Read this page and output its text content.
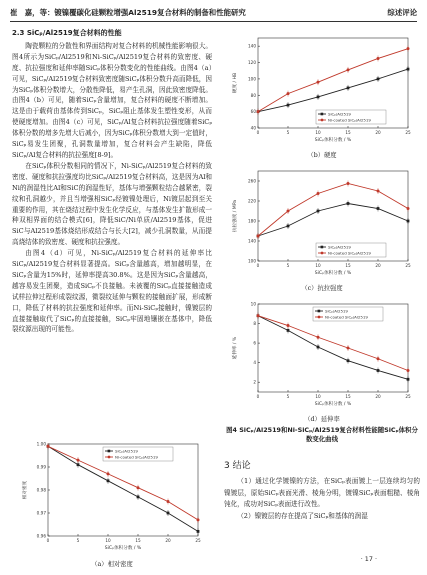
崔　嘉，等：镀镍覆碳化硅颗粒增强Al2519复合材料的制备和性能研究	综述评论
2.3 SiCₚ/Al2519复合材料的性能

陶瓷颗粒的分散性和界面结构对复合材料的机械性能影响很大。图4所示为SiCₚ/Al2519和Ni-SiCₚ/Al2519复合材料的致密度、硬度、抗拉强度和延伸率随SiCₚ体积分数变化的性能曲线。由图4（a）可见，SiCₚ/Al2519复合材料致密度随SiCₚ体积分数升高而降低，因为SiCₚ体积分数增大，分散性降低，易产生孔洞，因此致密度降低。由图4（b）可见，随着SiCₚ含量增加，复合材料的硬度不断增加。这是由于载荷由基体传到SiCₚ，SiCₚ阻止基体发生塑性变形，从而使硬度增加。由图4（c）可见，SiCₚ/Al复合材料抗拉强度随着SiCₚ体积分数的增多先增大后减小，因为SiCₚ体积分数增大到一定值时，SiCₚ易发生团聚，孔洞数量增加，复合材料会产生缺陷，降低SiCₚ/Al复合材料的抗拉强度[8-9]。

在SiCₚ体积分数相同的情况下，Ni-SiCₚ/Al2519复合材料的致密度、硬度和抗拉强度均比SiCₚ/Al2519复合材料高，这是因为Al和Ni的润湿性比Al和SiC的润湿性好，基体与增强颗粒结合越紧密，裂纹和孔洞越少，并且当增强相SiCₚ经镀镍处理后，Ni镀层起到至关重要的作用，其在烧结过程中发生化学反应，与基体发生扩散形成一种双相界面的结合模式[6]，降低SiC/Ni单质/Al2519基体，促进SiC与Al2519基体烧结形成结合与长大[2]，减少孔洞数量，从而提高烧结体的致密度、硬度和抗拉强度。

由图4（d）可见，Ni-SiCₚ/Al2519复合材料的延伸率比SiCₚ/Al2519复合材料显著提高。SiCₚ含量越高，增加越明显，在SiCₚ含量为15%时，延伸率提高30.8%。这是因为SiCₚ含量越高，越容易发生团聚，造成SiCₚ不良接触。未被覆的SiCₚ直接接触造成试样拉伸过程形成裂纹源，微裂纹延伸与颗粒的接触面扩展，形成断口，降低了材料的抗拉强度和延伸率。而Ni-SiCₚ接触时，镍镀层的直接接触取代了SiCₚ的直接接触，SiCₚ牢固地镶嵌在基体中，降低裂纹源出现的可能性。

0	5	10	15	20	25
0.96
0.97
0.98
0.99
1.00
SiCₚ体积分数 / %
相对密度
SiCₚ/Al2519
Ni-coated SiCₚ/Al2519
（a）相对密度
0	5	10	15	20	25
40
60
80
100
120
140
SiCₚ体积分数 / %
硬度 / HB
SiCₚ/Al2519
Ni-coated SiCₚ/Al2519
（b）硬度
0	5	10	15	20	25
100
140
180
220
260
SiCₚ体积分数 / %
抗拉强度 / MPa
SiCₚ/Al2519
Ni-coated SiCₚ/Al2519
（c）抗拉强度
0	5	10	15	20	25
2
4
6
8
10
SiCₚ体积分数 / %
延伸率 / %
SiCₚ/Al2519
Ni-coated SiCₚ/Al2519
（d）延伸率
图4 SiCₚ/Al2519和Ni-SiCₚ/Al2519复合材料性能随SiCₚ体积分数变化曲线
3 结论

（1）通过化学镀镍的方法，在SiCₚ表面镀上一层连续均匀的镍镀层，原始SiCₚ表面光滑、棱角分明，镀镍SiCₚ表面粗糙、棱角钝化，成功对SiCₚ表面进行改性。

（2）镍镀层的存在提高了SiCₚ和基体的润湿

· 17 ·
